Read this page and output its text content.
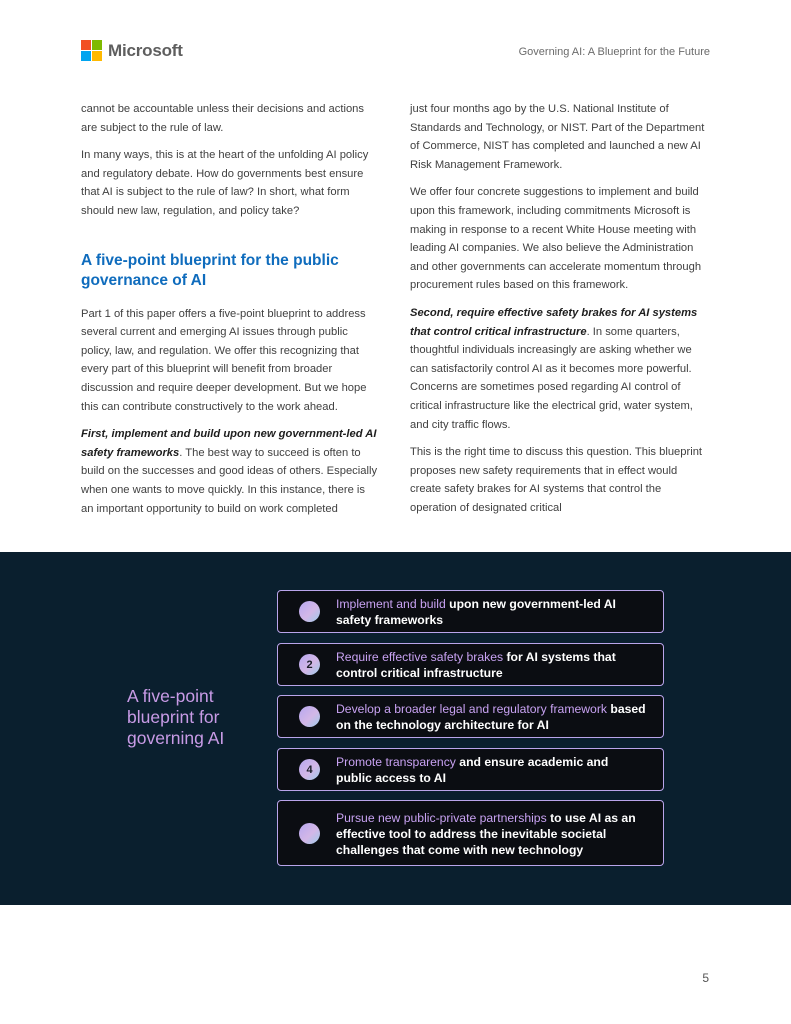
Microsoft	Governing AI: A Blueprint for the Future

cannot be accountable unless their decisions and actions are subject to the rule of law.

In many ways, this is at the heart of the unfolding AI policy and regulatory debate. How do governments best ensure that AI is subject to the rule of law? In short, what form should new law, regulation, and policy take?

A five-point blueprint for the public governance of AI

Part 1 of this paper offers a five-point blueprint to address several current and emerging AI issues through public policy, law, and regulation. We offer this recognizing that every part of this blueprint will benefit from broader discussion and require deeper development. But we hope this can contribute constructively to the work ahead.

First, implement and build upon new government-led AI safety frameworks. The best way to succeed is often to build on the successes and good ideas of others. Especially when one wants to move quickly. In this instance, there is an important opportunity to build on work completed

just four months ago by the U.S. National Institute of Standards and Technology, or NIST. Part of the Department of Commerce, NIST has completed and launched a new AI Risk Management Framework.

We offer four concrete suggestions to implement and build upon this framework, including commitments Microsoft is making in response to a recent White House meeting with leading AI companies. We also believe the Administration and other governments can accelerate momentum through procurement rules based on this framework.

Second, require effective safety brakes for AI systems that control critical infrastructure. In some quarters, thoughtful individuals increasingly are asking whether we can satisfactorily control AI as it becomes more powerful. Concerns are sometimes posed regarding AI control of critical infrastructure like the electrical grid, water system, and city traffic flows.

This is the right time to discuss this question. This blueprint proposes new safety requirements that in effect would create safety brakes for AI systems that control the operation of designated critical

A five-point blueprint for governing AI
Implement and build upon new government-led AI safety frameworks
2
Require effective safety brakes for AI systems that control critical infrastructure
Develop a broader legal and regulatory framework based on the technology architecture for AI
4
Promote transparency and ensure academic and public access to AI
Pursue new public-private partnerships to use AI as an effective tool to address the inevitable societal challenges that come with new technology
5
